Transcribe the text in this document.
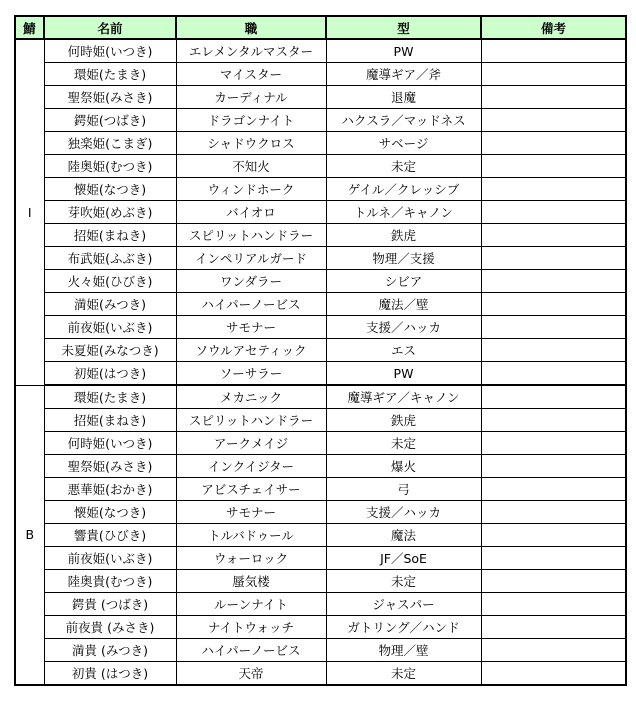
鯖	名前	職	型	備考
I	何時姫(いつき)	エレメンタルマスター	PW	
	環姫(たまき)	マイスター	魔導ギア／斧	
	聖祭姫(みさき)	カーディナル	退魔	
	鍔姫(つばき)	ドラゴンナイト	ハクスラ／マッドネス	
	独楽姫(こまぎ)	シャドウクロス	サベージ	
	陸奥姫(むつき)	不知火	未定	
	懐姫(なつき)	ウィンドホーク	ゲイル／クレッシブ	
	芽吹姫(めぶき)	バイオロ	トルネ／キャノン	
	招姫(まねき)	スピリットハンドラー	鉄虎	
	布武姫(ふぶき)	インペリアルガード	物理／支援	
	火々姫(ひびき)	ワンダラー	シビア	
	満姫(みつき)	ハイパーノービス	魔法／壁	
	前夜姫(いぶき)	サモナー	支援／ハッカ	
	未夏姫(みなつき)	ソウルアセティック	エス	
	初姫(はつき)	ソーサラー	PW	
B	環姫(たまき)	メカニック	魔導ギア／キャノン	
	招姫(まねき)	スピリットハンドラー	鉄虎	
	何時姫(いつき)	アークメイジ	未定	
	聖祭姫(みさき)	インクイジター	爆火	
	悪華姫(おかき)	アビスチェイサー	弓	
	懐姫(なつき)	サモナー	支援／ハッカ	
	響貴(ひびき)	トルバドゥール	魔法	
	前夜姫(いぶき)	ウォーロック	JF／SoE	
	陸奥貴(むつき)	蜃気楼	未定	
	鍔貴 (つばき)	ルーンナイト	ジャスパー	
	前夜貴 (みさき)	ナイトウォッチ	ガトリング／ハンド	
	満貴 (みつき)	ハイパーノービス	物理／壁	
	初貴 (はつき)	天帝	未定	
